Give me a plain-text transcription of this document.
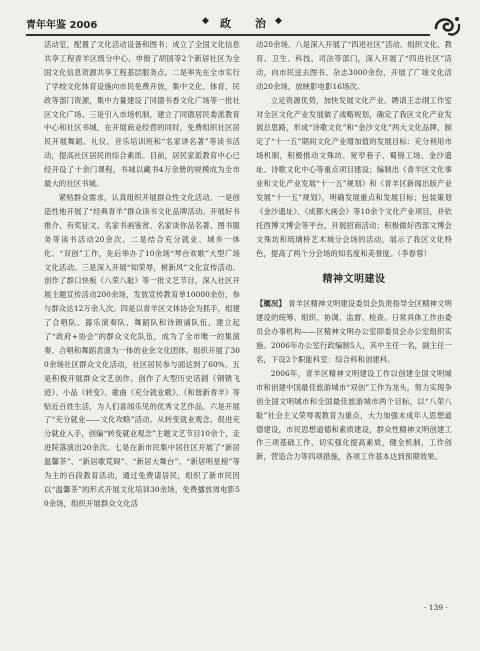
青年年鉴 2006	◆ 政 治 ◆

活动室，配置了文化活动设备和图书；成立了全国文化信息共享工程青羊区级分中心，申报了胡国等2个新居社区为全国文化信息资源共享工程基层服务点。二是率先在全市实行了学校文化体育设施向市民免费开放，集中文化、体育、民政等部门资源，集中力量建设了同德书香文化广场等一批社区文化广场。三是引入市场机制，建立了同德居民委派教育中心和社区书城，在开展商业经营的同时，免费组织社区居民开展舞蹈、礼仪、音乐培训班和“名家讲名著”等读书活动，提高社区居民的综合素质。目前，居民家派教育中心已经开设了十余门课程，书城以藏书4万余册的规模成为全市最大的社区书城。

紧贴群众需求，认真组织开展群众性文化活动。一是创造性地开展了“经典青羊”群众读书文化品牌活动。开展好书推介、有奖征文、名家书画鉴赏、名家谈你品名著、图书服务等读书活动20余次。二是结合充分就业、城乡一体化、“双创”工作，先后举办了10余场“琴台欢歌”大型广场文化活动。三是深入开展“知荣辱，树新风”文化宣传活动。创作了群口快板《八荣八耻》等一批文艺节目，深入社区开展主题宣传活动200余场，发放宣传教育单10000余份，参与群众达12万余人次。四是以青羊区文体协会为抓手，组建了合唱队、器乐演奏队、舞蹈队和诗朗诵队伍，建立起了“政府+协会”的群众文化队伍，成为了全市唯一的集演奏、合唱和舞蹈表演为一体的业余文化团体。组织开展了300余场社区群众文化活动，社区居民参与面达到了60%。五是积极开展群众文艺创作。创作了大型历史话剧《钢锈飞迹》、小品《转变》、歌曲《充分就业歌》、《和谐新青羊》等贴近百姓生活，为人们喜闻乐见的优秀文艺作品。六是开展了“充分就业——文化攻略”活动。从转变就业观念、促进充分就业入手，创编“转变就业观念”主题文艺节目10余个，走进院落演出20余次。七是在新市民集中居住区开展了“新居温馨茶”、“新居歌荒碍”、“新居大舞台”、“新居明星榜”等为主的百段教育活动，通过免费请居民，组织了新市民因以“温馨茶”的形式开展文化培训30余场，免费播放周电影50余场，组织开展群众文化活

动20余场。八是深入开展了“四进社区”活动。组织文化、教育、卫生、科技、司法等部门，深入开展了“四进社区”活动，向市民送去图书、杂志3000余份，开展了广场文化活动20余场，放映影电影16场次。

立足资源优势，加快发展文化产业。聘请王志纲工作室对全区文化产业发展做了战略规划，确定了我区文化产业发展总思路，形成“诗歌文化”和“金沙文化”两大文化品牌，制定了“十一五”期间文化产业增加值的发展目标：充分利用市场机制，积极推动文殊坊、宽窄巷子、蜀锦工场、金沙遗址、诗歌文化中心等重点项目建设；编制出《青羊区文化事业和文化产业发展“十一五”规划》和《青羊区新闻出版产业发展“十一五”规划》，明确发展重点和发展目标；包装策划《金沙遗址》、《成都大画会》等10余个文化产业项目，并依托西博文博会等平台，开展招商活动；积极做好西部文博会文殊坊和琉璃桥艺术城分会场的活动，展示了我区文化特色，提高了两个分会场的知名度和美誉度。（李春蓉）

精神文明建设

【概况】 青羊区精神文明建设委员会负责指导全区精神文明建设的统筹、组织、协调、监督、检查。日常具体工作由委员会办事机构——区精神文明办公室即委员会办公室组织实施。2006年办公室行政编制5人，其中主任一名，副主任一名，下设2个职能科室：综合科和创建科。

2006年，青羊区精神文明建设工作以创建全国文明城市和创建中国最佳旅游城市“双创”工作为龙头，努力实现争创全国文明城市和全国最佳旅游城市两个目标，以“八荣八耻”社会主义荣辱观教育为重点，大力加强未成年人思想道德建设，市民思想道德和素质建设，群众性精神文明创建工作三项基础工作，切实强化提高素质，健全机制，工作创新，营造合力等四项措施，各项工作基本达到预期效果。

· 139 ·
